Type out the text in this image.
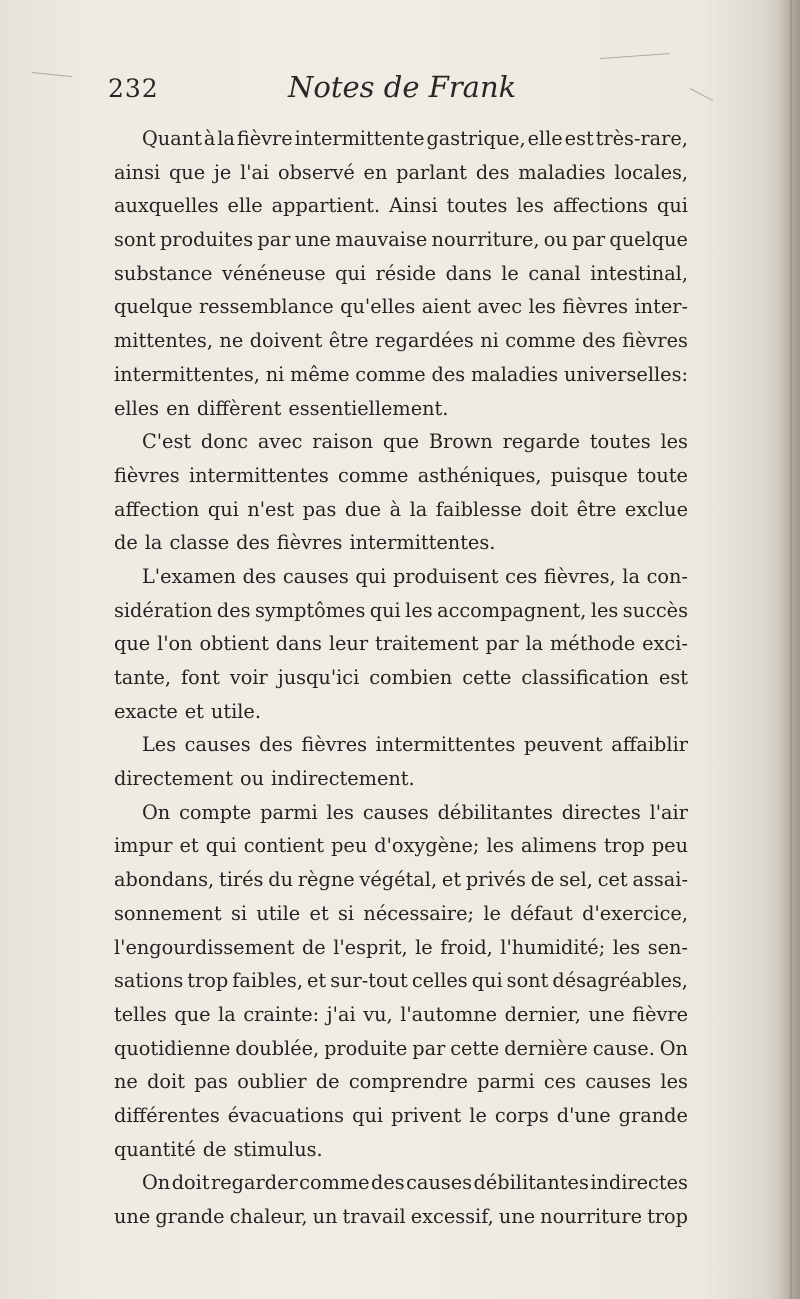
232	Notes de Frank
Quant à la fièvre intermittente gastrique, elle est très-rare,
ainsi que je l'ai observé en parlant des maladies locales,
auxquelles elle appartient. Ainsi toutes les affections qui
sont produites par une mauvaise nourriture, ou par quelque
substance vénéneuse qui réside dans le canal intestinal,
quelque ressemblance qu'elles aient avec les fièvres inter-
mittentes, ne doivent être regardées ni comme des fièvres
intermittentes, ni même comme des maladies universelles:
elles en diffèrent essentiellement.
C'est donc avec raison que Brown regarde toutes les
fièvres intermittentes comme asthéniques, puisque toute
affection qui n'est pas due à la faiblesse doit être exclue
de la classe des fièvres intermittentes.
L'examen des causes qui produisent ces fièvres, la con-
sidération des symptômes qui les accompagnent, les succès
que l'on obtient dans leur traitement par la méthode exci-
tante, font voir jusqu'ici combien cette classification est
exacte et utile.
Les causes des fièvres intermittentes peuvent affaiblir
directement ou indirectement.
On compte parmi les causes débilitantes directes l'air
impur et qui contient peu d'oxygène; les alimens trop peu
abondans, tirés du règne végétal, et privés de sel, cet assai-
sonnement si utile et si nécessaire; le défaut d'exercice,
l'engourdissement de l'esprit, le froid, l'humidité; les sen-
sations trop faibles, et sur-tout celles qui sont désagréables,
telles que la crainte: j'ai vu, l'automne dernier, une fièvre
quotidienne doublée, produite par cette dernière cause. On
ne doit pas oublier de comprendre parmi ces causes les
différentes évacuations qui privent le corps d'une grande
quantité de stimulus.
On doit regarder comme des causes débilitantes indirectes
une grande chaleur, un travail excessif, une nourriture trop
